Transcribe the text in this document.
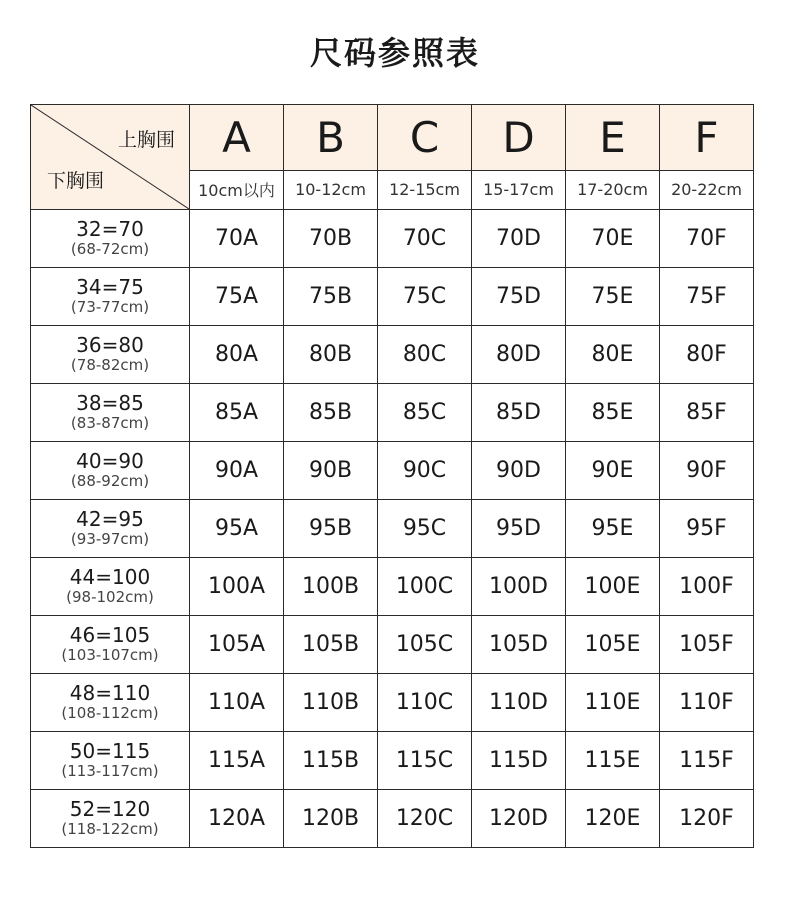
尺码参照表
上胸围
下胸围	A	B	C	D	E	F
	10cm以内	10-12cm	12-15cm	15-17cm	17-20cm	20-22cm

32=70
(68-72cm)	70A	70B	70C	70D	70E	70F

34=75
(73-77cm)	75A	75B	75C	75D	75E	75F

36=80
(78-82cm)	80A	80B	80C	80D	80E	80F

38=85
(83-87cm)	85A	85B	85C	85D	85E	85F

40=90
(88-92cm)	90A	90B	90C	90D	90E	90F

42=95
(93-97cm)	95A	95B	95C	95D	95E	95F

44=100
(98-102cm)	100A	100B	100C	100D	100E	100F

46=105
(103-107cm)	105A	105B	105C	105D	105E	105F

48=110
(108-112cm)	110A	110B	110C	110D	110E	110F

50=115
(113-117cm)	115A	115B	115C	115D	115E	115F

52=120
(118-122cm)	120A	120B	120C	120D	120E	120F
